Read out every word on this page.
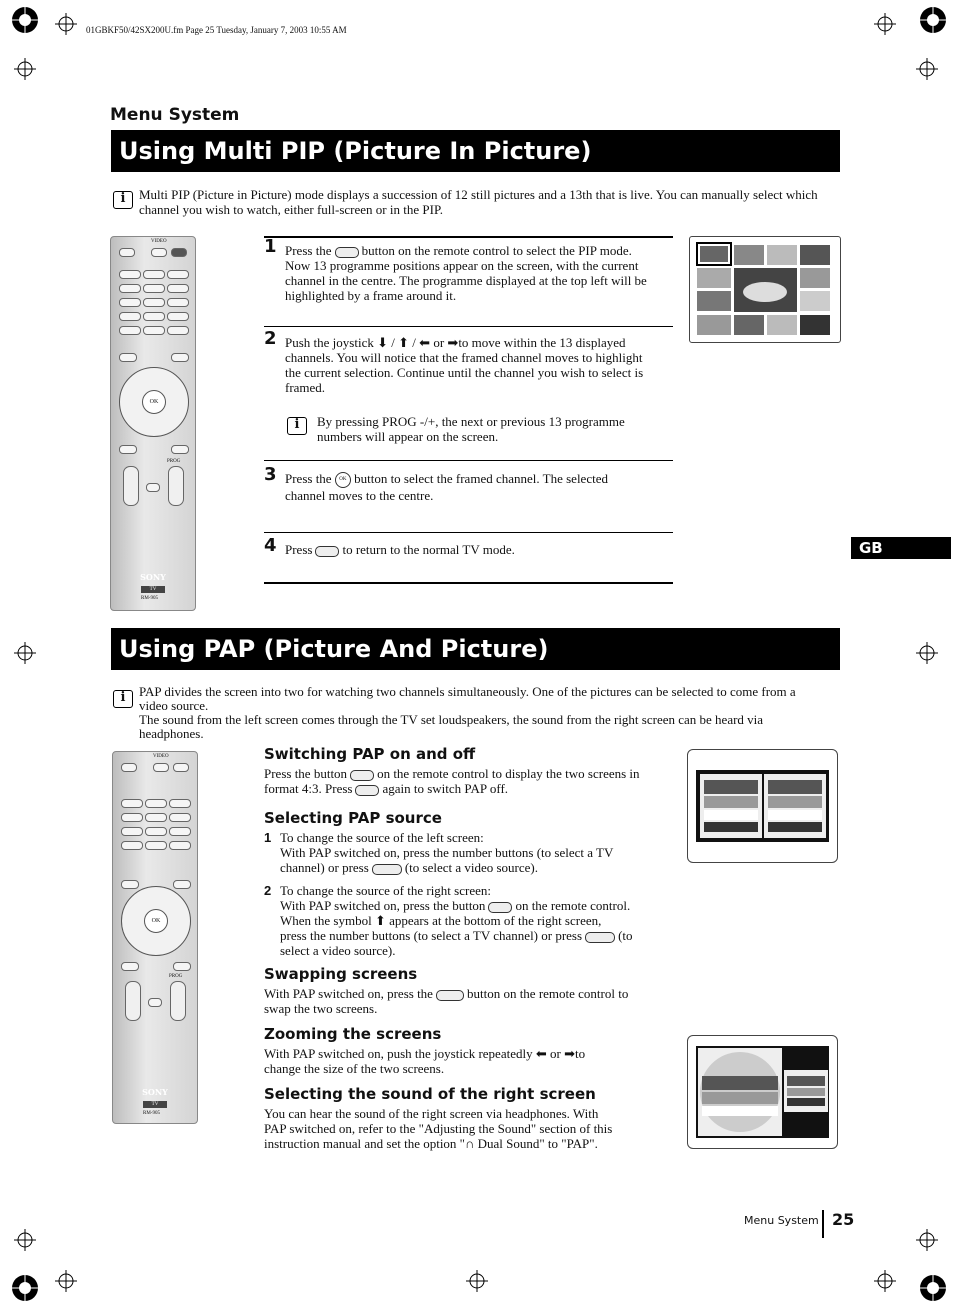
01GBKF50/42SX200U.fm Page 25 Tuesday, January 7, 2003 10:55 AM
Menu System
Using Multi PIP (Picture In Picture)
i
Multi PIP (Picture in Picture) mode displays a succession of 12 still pictures and a 13th that is live. You can manually select which
channel you wish to watch, either full-screen or in the PIP.
VIDEO
OK
PROG
SONY
TV
RM-905
1 Press the button on the remote control to select the PIP mode.
Now 13 programme positions appear on the screen, with the current
channel in the centre. The programme displayed at the top left will be
highlighted by a frame around it.
2 Push the joystick ⬇ / ⬆ / ⬅ or ➡to move within the 13 displayed
channels. You will notice that the framed channel moves to highlight
the current selection. Continue until the channel you wish to select is
framed.
i
By pressing PROG -/+, the next or previous 13 programme
numbers will appear on the screen.
3 Press the OK button to select the framed channel. The selected
channel moves to the centre.
4 Press to return to the normal TV mode.	GB
Using PAP (Picture And Picture)
i
PAP divides the screen into two for watching two channels simultaneously. One of the pictures can be selected to come from a
video source.
The sound from the left screen comes through the TV set loudspeakers, the sound from the right screen can be heard via
headphones.
VIDEO
OK
PROG
SONY
TV
RM-905
Switching PAP on and off
Press the button on the remote control to display the two screens in
format 4:3. Press again to switch PAP off.
Selecting PAP source
1 To change the source of the left screen:
With PAP switched on, press the number buttons (to select a TV
channel) or press	(to select a video source).
2 To change the source of the right screen:
With PAP switched on, press the button on the remote control.
When the symbol ⬆ appears at the bottom of the right screen,
press the number buttons (to select a TV channel) or press	(to
select a video source).
Swapping screens
With PAP switched on, press the	button on the remote control to
swap the two screens.
Zooming the screens
With PAP switched on, push the joystick repeatedly ⬅ or ➡to
change the size of the two screens.
Selecting the sound of the right screen
You can hear the sound of the right screen via headphones. With
PAP switched on, refer to the "Adjusting the Sound" section of this
instruction manual and set the option "∩ Dual Sound" to "PAP".
Menu System 25
